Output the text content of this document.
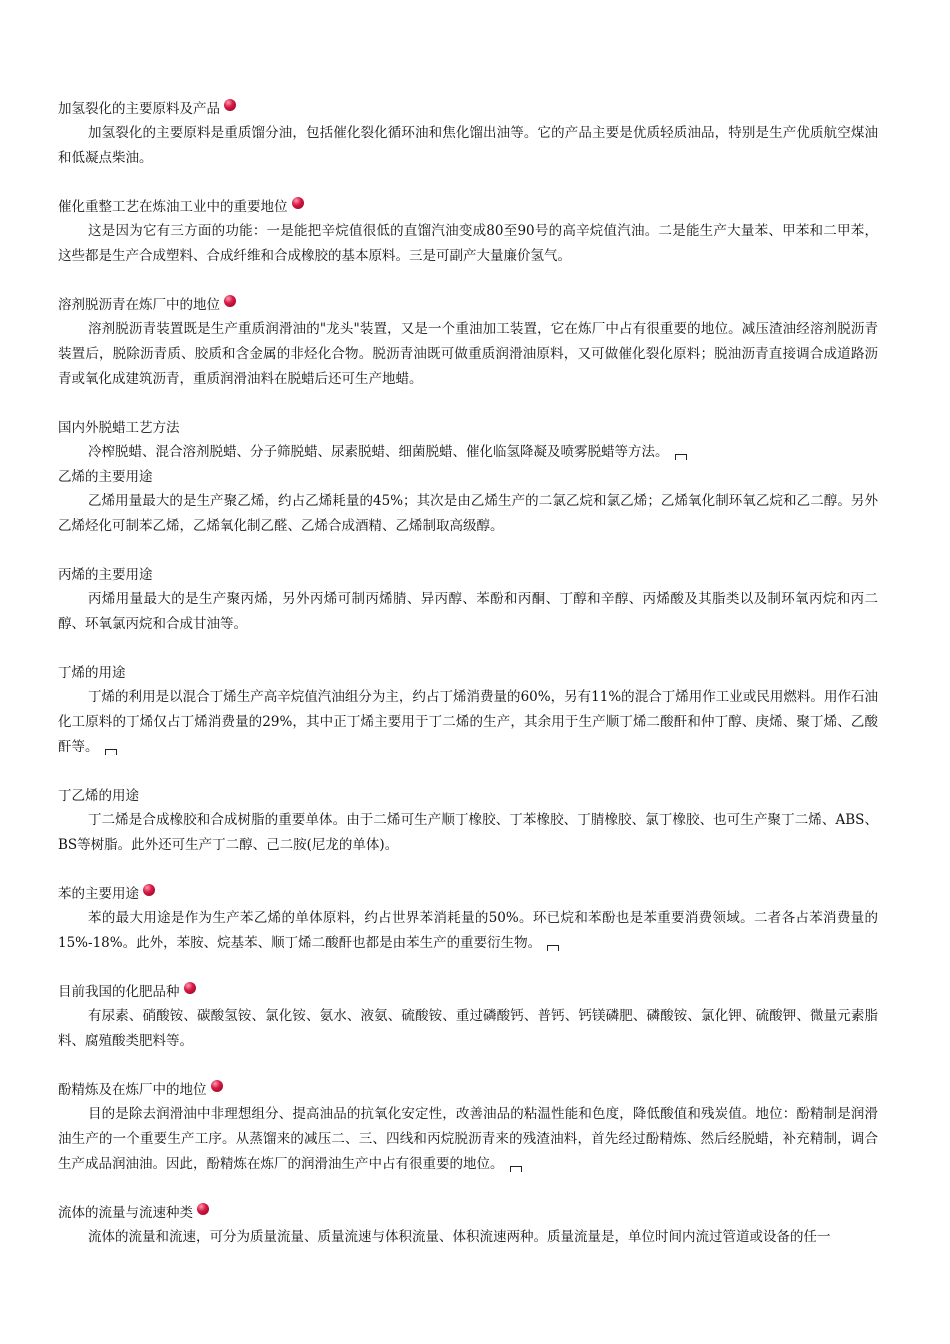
加氢裂化的主要原料及产品

加氢裂化的主要原料是重质馏分油，包括催化裂化循环油和焦化馏出油等。它的产品主要是优质轻质油品，特别是生产优质航空煤油和低凝点柴油。

催化重整工艺在炼油工业中的重要地位

这是因为它有三方面的功能：一是能把辛烷值很低的直馏汽油变成80至90号的高辛烷值汽油。二是能生产大量苯、甲苯和二甲苯，这些都是生产合成塑料、合成纤维和合成橡胶的基本原料。三是可副产大量廉价氢气。

溶剂脱沥青在炼厂中的地位

溶剂脱沥青装置既是生产重质润滑油的"龙头"装置，又是一个重油加工装置，它在炼厂中占有很重要的地位。减压渣油经溶剂脱沥青装置后，脱除沥青质、胶质和含金属的非烃化合物。脱沥青油既可做重质润滑油原料，又可做催化裂化原料；脱油沥青直接调合成道路沥青或氧化成建筑沥青，重质润滑油料在脱蜡后还可生产地蜡。

国内外脱蜡工艺方法

冷榨脱蜡、混合溶剂脱蜡、分子筛脱蜡、尿素脱蜡、细菌脱蜡、催化临氢降凝及喷雾脱蜡等方法。

乙烯的主要用途

乙烯用量最大的是生产聚乙烯，约占乙烯耗量的45%；其次是由乙烯生产的二氯乙烷和氯乙烯；乙烯氧化制环氧乙烷和乙二醇。另外乙烯烃化可制苯乙烯，乙烯氧化制乙醛、乙烯合成酒精、乙烯制取高级醇。

丙烯的主要用途

丙烯用量最大的是生产聚丙烯，另外丙烯可制丙烯腈、异丙醇、苯酚和丙酮、丁醇和辛醇、丙烯酸及其脂类以及制环氧丙烷和丙二醇、环氧氯丙烷和合成甘油等。

丁烯的用途

丁烯的利用是以混合丁烯生产高辛烷值汽油组分为主，约占丁烯消费量的60%，另有11%的混合丁烯用作工业或民用燃料。用作石油化工原料的丁烯仅占丁烯消费量的29%，其中正丁烯主要用于丁二烯的生产，其余用于生产顺丁烯二酸酐和仲丁醇、庚烯、聚丁烯、乙酸酐等。

丁乙烯的用途

丁二烯是合成橡胶和合成树脂的重要单体。由于二烯可生产顺丁橡胶、丁苯橡胶、丁腈橡胶、氯丁橡胶、也可生产聚丁二烯、ABS、BS等树脂。此外还可生产丁二醇、己二胺(尼龙的单体)。

苯的主要用途

苯的最大用途是作为生产苯乙烯的单体原料，约占世界苯消耗量的50%。环已烷和苯酚也是苯重要消费领域。二者各占苯消费量的15%-18%。此外，苯胺、烷基苯、顺丁烯二酸酐也都是由苯生产的重要衍生物。

目前我国的化肥品种

有尿素、硝酸铵、碳酸氢铵、氯化铵、氨水、液氨、硫酸铵、重过磷酸钙、普钙、钙镁磷肥、磷酸铵、氯化钾、硫酸钾、微量元素脂料、腐殖酸类肥料等。

酚精炼及在炼厂中的地位

目的是除去润滑油中非理想组分、提高油品的抗氧化安定性，改善油品的粘温性能和色度，降低酸值和残炭值。地位：酚精制是润滑油生产的一个重要生产工序。从蒸馏来的减压二、三、四线和丙烷脱沥青来的残渣油料，首先经过酚精炼、然后经脱蜡，补充精制，调合生产成品润油油。因此，酚精炼在炼厂的润滑油生产中占有很重要的地位。

流体的流量与流速种类

流体的流量和流速，可分为质量流量、质量流速与体积流量、体积流速两种。质量流量是，单位时间内流过管道或设备的任一
